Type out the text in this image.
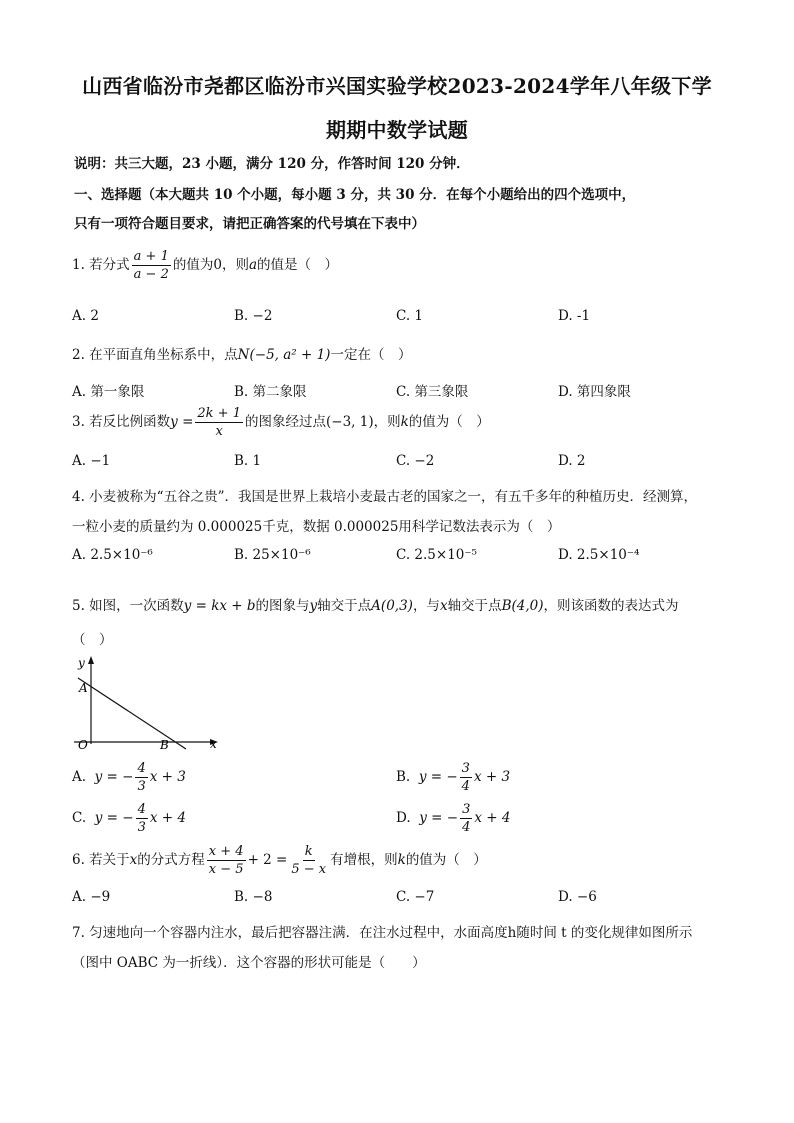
山西省临汾市尧都区临汾市兴国实验学校2023-2024学年八年级下学
期期中数学试题
说明：共三大题，23 小题，满分 120 分，作答时间 120 分钟．
一、选择题（本大题共 10 个小题，每小题 3 分，共 30 分．在每个小题给出的四个选项中，
只有一项符合题目要求，请把正确答案的代号填在下表中）
1. 若分式 $\frac{a + 1}{a - 2}$ 的值为0，则a的值是（　）
A. 2	B. −2	C. 1	D. -1
2. 在平面直角坐标系中，点N(−5, a² + 1)一定在（　）
A. 第一象限	B. 第二象限	C. 第三象限	D. 第四象限
3. 若反比例函数$y = \frac{2k + 1}{x}$ 的图象经过点(−3, 1)，则k的值为（　）
A. −1	B. 1	C. −2	D. 2
4. 小麦被称为“五谷之贵”．我国是世界上栽培小麦最古老的国家之一，有五千多年的种植历史．经测算，
一粒小麦的质量约为 0.000025千克，数据 0.000025用科学记数法表示为（　）
A. 2.5×10⁻⁶	B. 25×10⁻⁶	C. 2.5×10⁻⁵	D. 2.5×10⁻⁴
5. 如图，一次函数y = kx + b的图象与y轴交于点A(0,3)，与x轴交于点B(4,0)，则该函数的表达式为
（　）
y
x
A
O	B
A. y = − $\frac{4}{3}$ x + 3	B. y = − $\frac{3}{4}$ x + 3
C. y = − $\frac{4}{3}$ x + 4	D. y = − $\frac{3}{4}$ x + 4
6. 若关于x的分式方程 $\frac{x + 4}{x - 5} + 2 = \frac{k}{5 - x}$ 有增根，则k的值为（　）
A. −9	B. −8	C. −7	D. −6
7. 匀速地向一个容器内注水，最后把容器注满．在注水过程中，水面高度h随时间 t 的变化规律如图所示
（图中 OABC 为一折线）．这个容器的形状可能是（　　）
